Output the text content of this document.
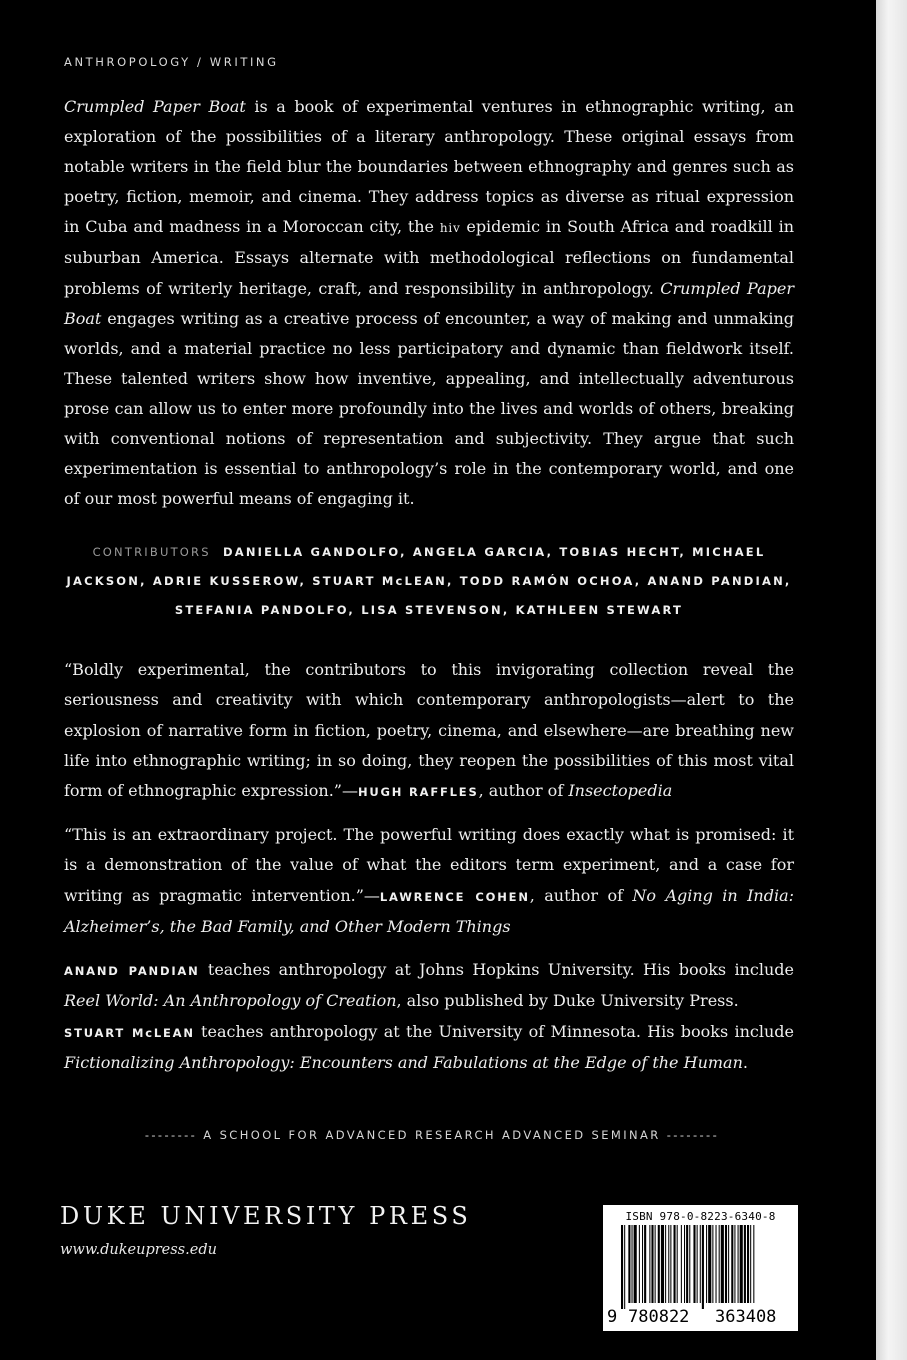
ANTHROPOLOGY / WRITING
Crumpled Paper Boat is a book of experimental ventures in ethnographic writing, an exploration of the possibilities of a literary anthropology. These original essays from notable writers in the field blur the boundaries between ethnography and genres such as poetry, fiction, memoir, and cinema. They address topics as diverse as ritual expression in Cuba and madness in a Moroccan city, the hiv epidemic in South Africa and roadkill in suburban America. Essays alternate with methodological reflections on fundamental problems of writerly heritage, craft, and responsibility in anthropology. Crumpled Paper Boat engages writing as a creative process of encounter, a way of making and unmaking worlds, and a material practice no less participatory and dynamic than fieldwork itself. These talented writers show how inventive, appealing, and intellectually adventurous prose can allow us to enter more profoundly into the lives and worlds of others, breaking with conventional notions of representation and subjectivity. They argue that such experimentation is essential to anthropology’s role in the contemporary world, and one of our most powerful means of engaging it.
CONTRIBUTORS DANIELLA GANDOLFO, ANGELA GARCIA, TOBIAS HECHT, MICHAEL JACKSON, ADRIE KUSSEROW, STUART McLEAN, TODD RAMÓN OCHOA, ANAND PANDIAN, STEFANIA PANDOLFO, LISA STEVENSON, KATHLEEN STEWART

“Boldly experimental, the contributors to this invigorating collection reveal the seriousness and creativity with which contemporary anthropologists—alert to the explosion of narrative form in fiction, poetry, cinema, and elsewhere—are breathing new life into ethnographic writing; in so doing, they reopen the possibilities of this most vital form of ethnographic expression.”—HUGH RAFFLES, author of Insectopedia

“This is an extraordinary project. The powerful writing does exactly what is promised: it is a demonstration of the value of what the editors term experiment, and a case for writing as pragmatic intervention.”—LAWRENCE COHEN, author of No Aging in India: Alzheimer’s, the Bad Family, and Other Modern Things

ANAND PANDIAN teaches anthropology at Johns Hopkins University. His books include Reel World: An Anthropology of Creation, also published by Duke University Press.
STUART McLEAN teaches anthropology at the University of Minnesota. His books include Fictionalizing Anthropology: Encounters and Fabulations at the Edge of the Human.

-------- A SCHOOL FOR ADVANCED RESEARCH ADVANCED SEMINAR --------
DUKE UNIVERSITY PRESS
www.dukeupress.edu
ISBN 978-0-8223-6340-8
9 780822 363408
